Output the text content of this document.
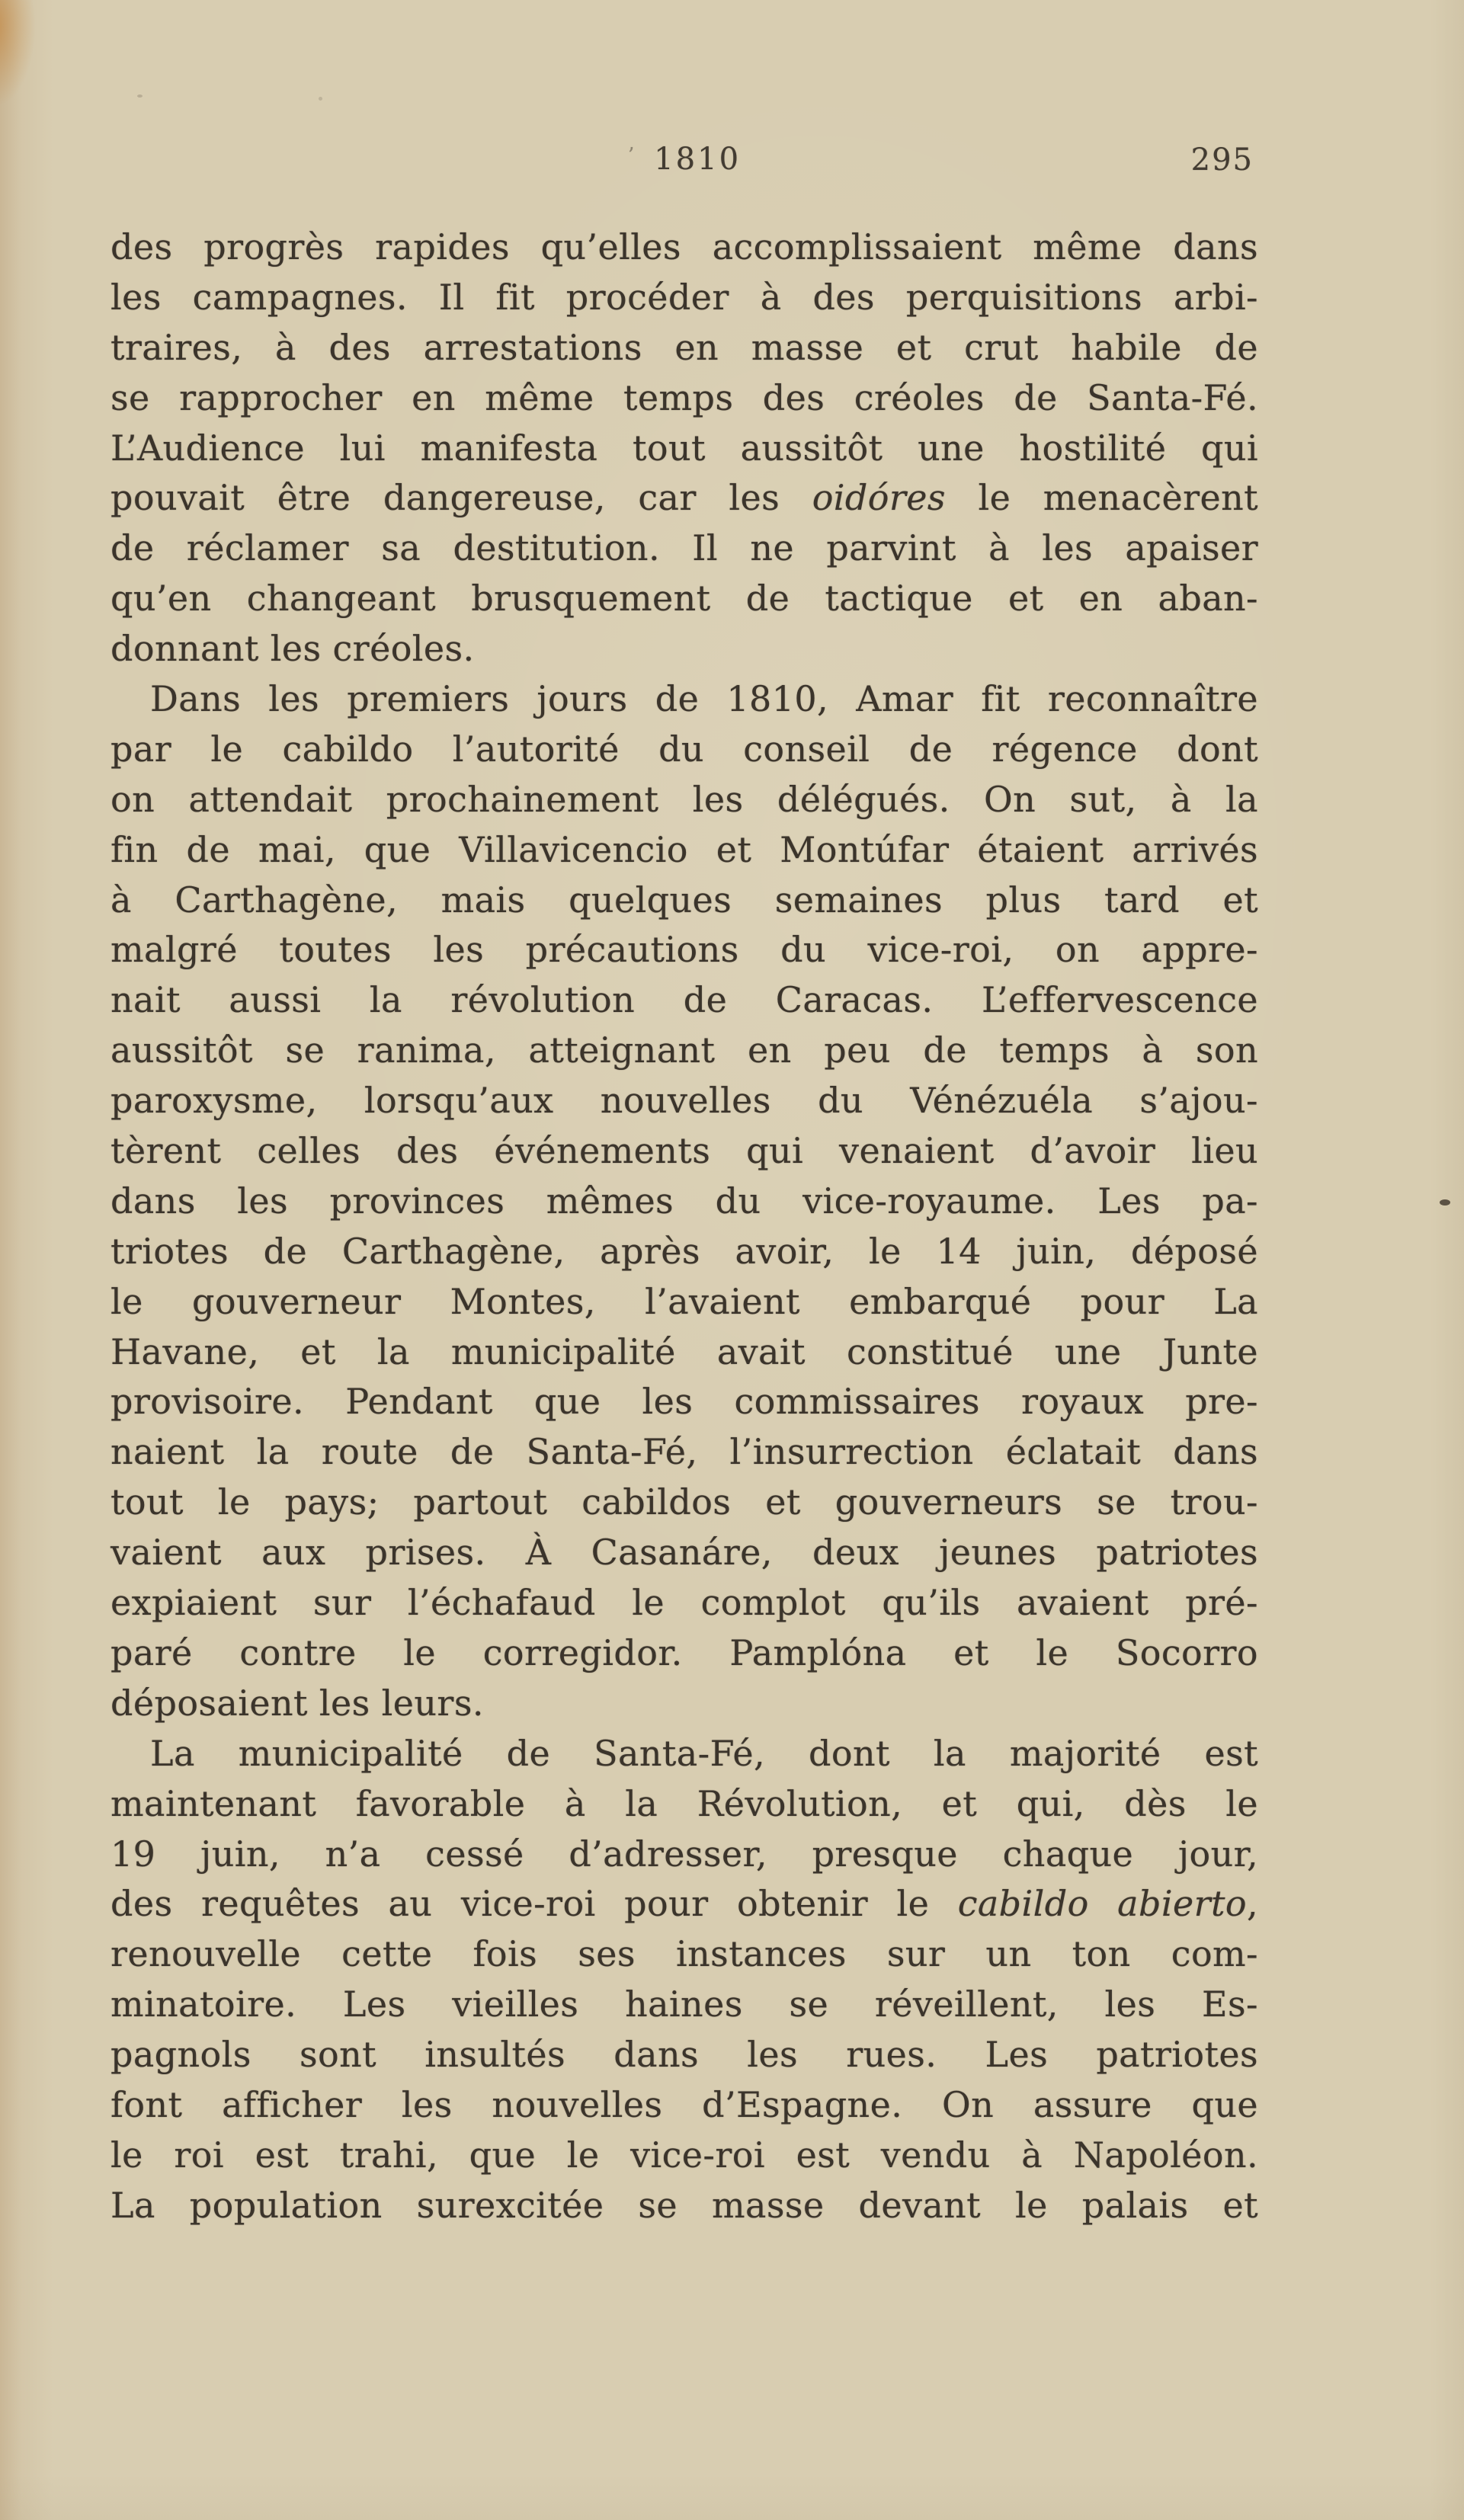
’ 1810	295
des progrès rapides qu’elles accomplissaient même dans
les campagnes. Il fit procéder à des perquisitions arbi-
traires, à des arrestations en masse et crut habile de
se rapprocher en même temps des créoles de Santa-Fé.
L’Audience lui manifesta tout aussitôt une hostilité qui
pouvait être dangereuse, car les oidóres le menacèrent
de réclamer sa destitution. Il ne parvint à les apaiser
qu’en changeant brusquement de tactique et en aban-
donnant les créoles.
Dans les premiers jours de 1810, Amar fit reconnaître
par le cabildo l’autorité du conseil de régence dont
on attendait prochainement les délégués. On sut, à la
fin de mai, que Villavicencio et Montúfar étaient arrivés
à Carthagène, mais quelques semaines plus tard et
malgré toutes les précautions du vice-roi, on appre-
nait aussi la révolution de Caracas. L’effervescence
aussitôt se ranima, atteignant en peu de temps à son
paroxysme, lorsqu’aux nouvelles du Vénézuéla s’ajou-
tèrent celles des événements qui venaient d’avoir lieu
dans les provinces mêmes du vice-royaume. Les pa-
triotes de Carthagène, après avoir, le 14 juin, déposé
le gouverneur Montes, l’avaient embarqué pour La
Havane, et la municipalité avait constitué une Junte
provisoire. Pendant que les commissaires royaux pre-
naient la route de Santa-Fé, l’insurrection éclatait dans
tout le pays; partout cabildos et gouverneurs se trou-
vaient aux prises. À Casanáre, deux jeunes patriotes
expiaient sur l’échafaud le complot qu’ils avaient pré-
paré contre le corregidor. Pamplóna et le Socorro
déposaient les leurs.
La municipalité de Santa-Fé, dont la majorité est
maintenant favorable à la Révolution, et qui, dès le
19 juin, n’a cessé d’adresser, presque chaque jour,
des requêtes au vice-roi pour obtenir le cabildo abierto,
renouvelle cette fois ses instances sur un ton com-
minatoire. Les vieilles haines se réveillent, les Es-
pagnols sont insultés dans les rues. Les patriotes
font afficher les nouvelles d’Espagne. On assure que
le roi est trahi, que le vice-roi est vendu à Napoléon.
La population surexcitée se masse devant le palais et
